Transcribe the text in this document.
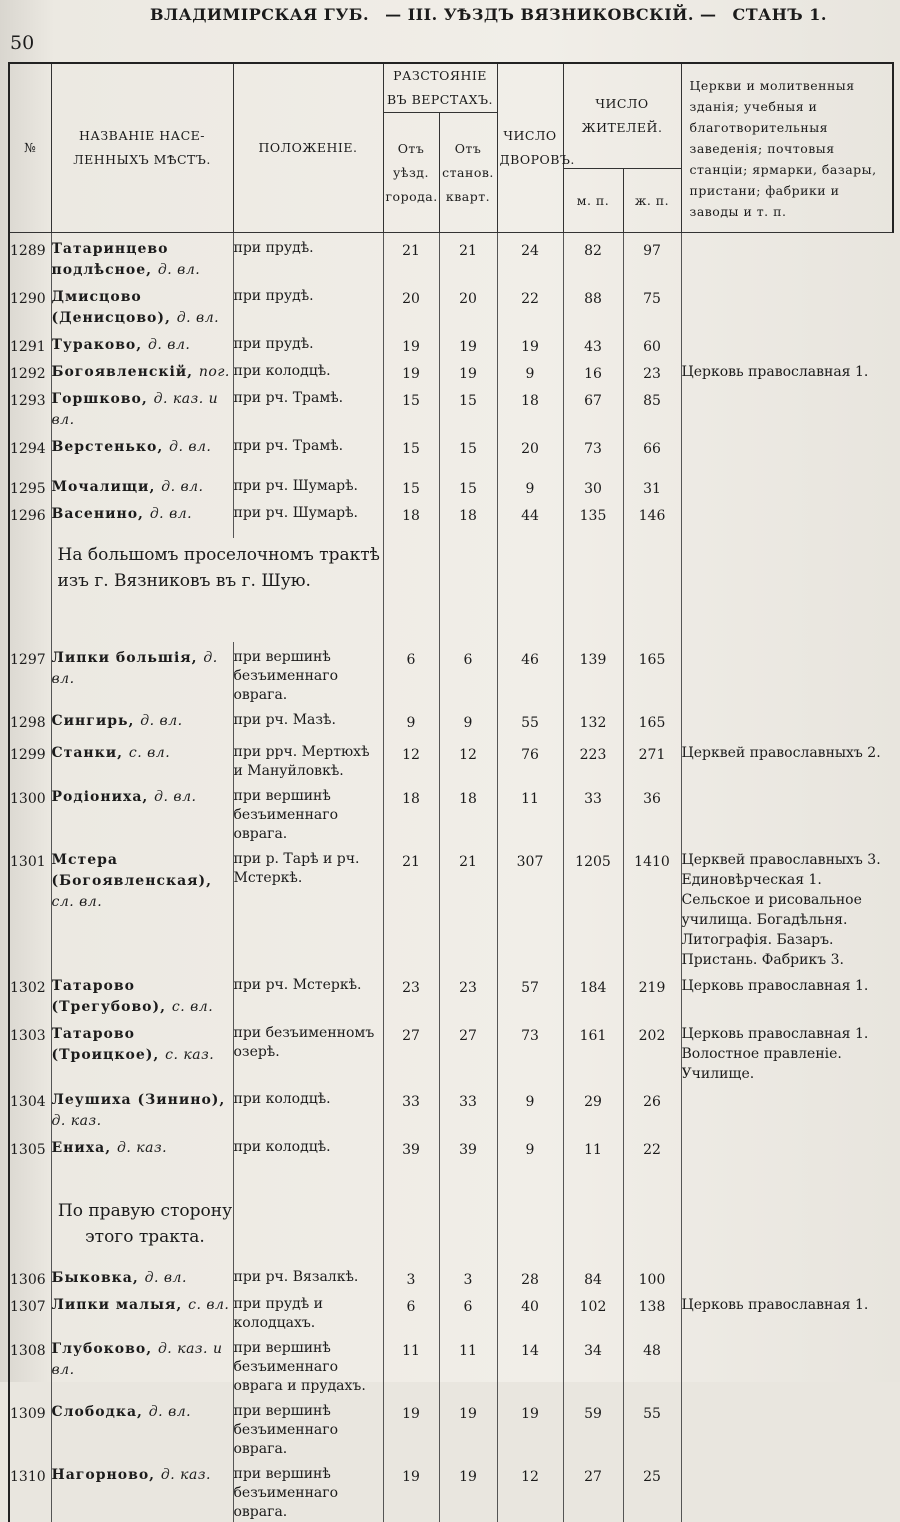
50
ВЛАДИМІРСКАЯ ГУБ. — III. УѢЗДЪ ВЯЗНИКОВСКІЙ. — СТАНЪ 1.
№	НАЗВАНІЕ НАСЕ-ЛЕННЫХЪ МѢСТЪ.	ПОЛОЖЕНІЕ.	РАЗСТОЯНІЕ ВЪ ВЕРСТАХЪ.		ЧИСЛО ДВОРОВЪ.	ЧИСЛО ЖИТЕЛЕЙ.		Церкви и молитвенныя зданія; учебныя и благотворительныя заведенія; почтовыя станціи; ярмарки, базары, пристани; фабрики и заводы и т. п.
			Отъ уѣзд. города.	Отъ станов. кварт.				
						м. п.	ж. п.	
1289	Татаринцево подлѣсное, д. вл.	при прудѣ.	21	21	24	82	97	
1290	Дмисцово (Денисцово), д. вл.	при прудѣ.	20	20	22	88	75	
1291	Тураково, д. вл.	при прудѣ.	19	19	19	43	60	
1292	Богоявленскій, пог.	при колодцѣ.	19	19	9	16	23	Церковь православная 1.
1293	Горшково, д. каз. и вл.	при рч. Трамѣ.	15	15	18	67	85	
1294	Верстенько, д. вл.	при рч. Трамѣ.	15	15	20	73	66	
1295	Мочалищи, д. вл.	при рч. Шумарѣ.	15	15	9	30	31	
1296	Васенино, д. вл.	при рч. Шумарѣ.	18	18	44	135	146	
	На большомъ проселочномъ трактѣ изъ г. Вязниковъ въ г. Шую.							
1297	Липки большія, д. вл.	при вершинѣ безъименнаго оврага.	6	6	46	139	165	
1298	Сингирь, д. вл.	при рч. Мазѣ.	9	9	55	132	165	
1299	Станки, с. вл.	при ррч. Мертюхѣ и Мануйловкѣ.	12	12	76	223	271	Церквей православныхъ 2.
1300	Родіониха, д. вл.	при вершинѣ безъименнаго оврага.	18	18	11	33	36	
1301	Мстера (Богоявленская), сл. вл.	при р. Тарѣ и рч. Мстеркѣ.	21	21	307	1205	1410	Церквей православныхъ 3. Единовѣрческая 1. Сельское и рисовальное училища. Богадѣльня. Литографія. Базаръ. Пристань. Фабрикъ 3.
1302	Татарово (Трегубово), с. вл.	при рч. Мстеркѣ.	23	23	57	184	219	Церковь православная 1.
1303	Татарово (Троицкое), с. каз.	при безъименномъ озерѣ.	27	27	73	161	202	Церковь православная 1. Волостное правленіе. Училище.
1304	Леушиха (Зинино), д. каз.	при колодцѣ.	33	33	9	29	26	
1305	Ениха, д. каз.	при колодцѣ.	39	39	9	11	22	
	По правую сторону этого тракта.							
1306	Быковка, д. вл.	при рч. Вязалкѣ.	3	3	28	84	100	
1307	Липки малыя, с. вл.	при прудѣ и колодцахъ.	6	6	40	102	138	Церковь православная 1.
1308	Глубоково, д. каз. и вл.	при вершинѣ безъименнаго оврага и прудахъ.	11	11	14	34	48	
1309	Слободка, д. вл.	при вершинѣ безъименнаго оврага.	19	19	19	59	55	
1310	Нагорново, д. каз.	при вершинѣ безъименнаго оврага.	19	19	12	27	25	
